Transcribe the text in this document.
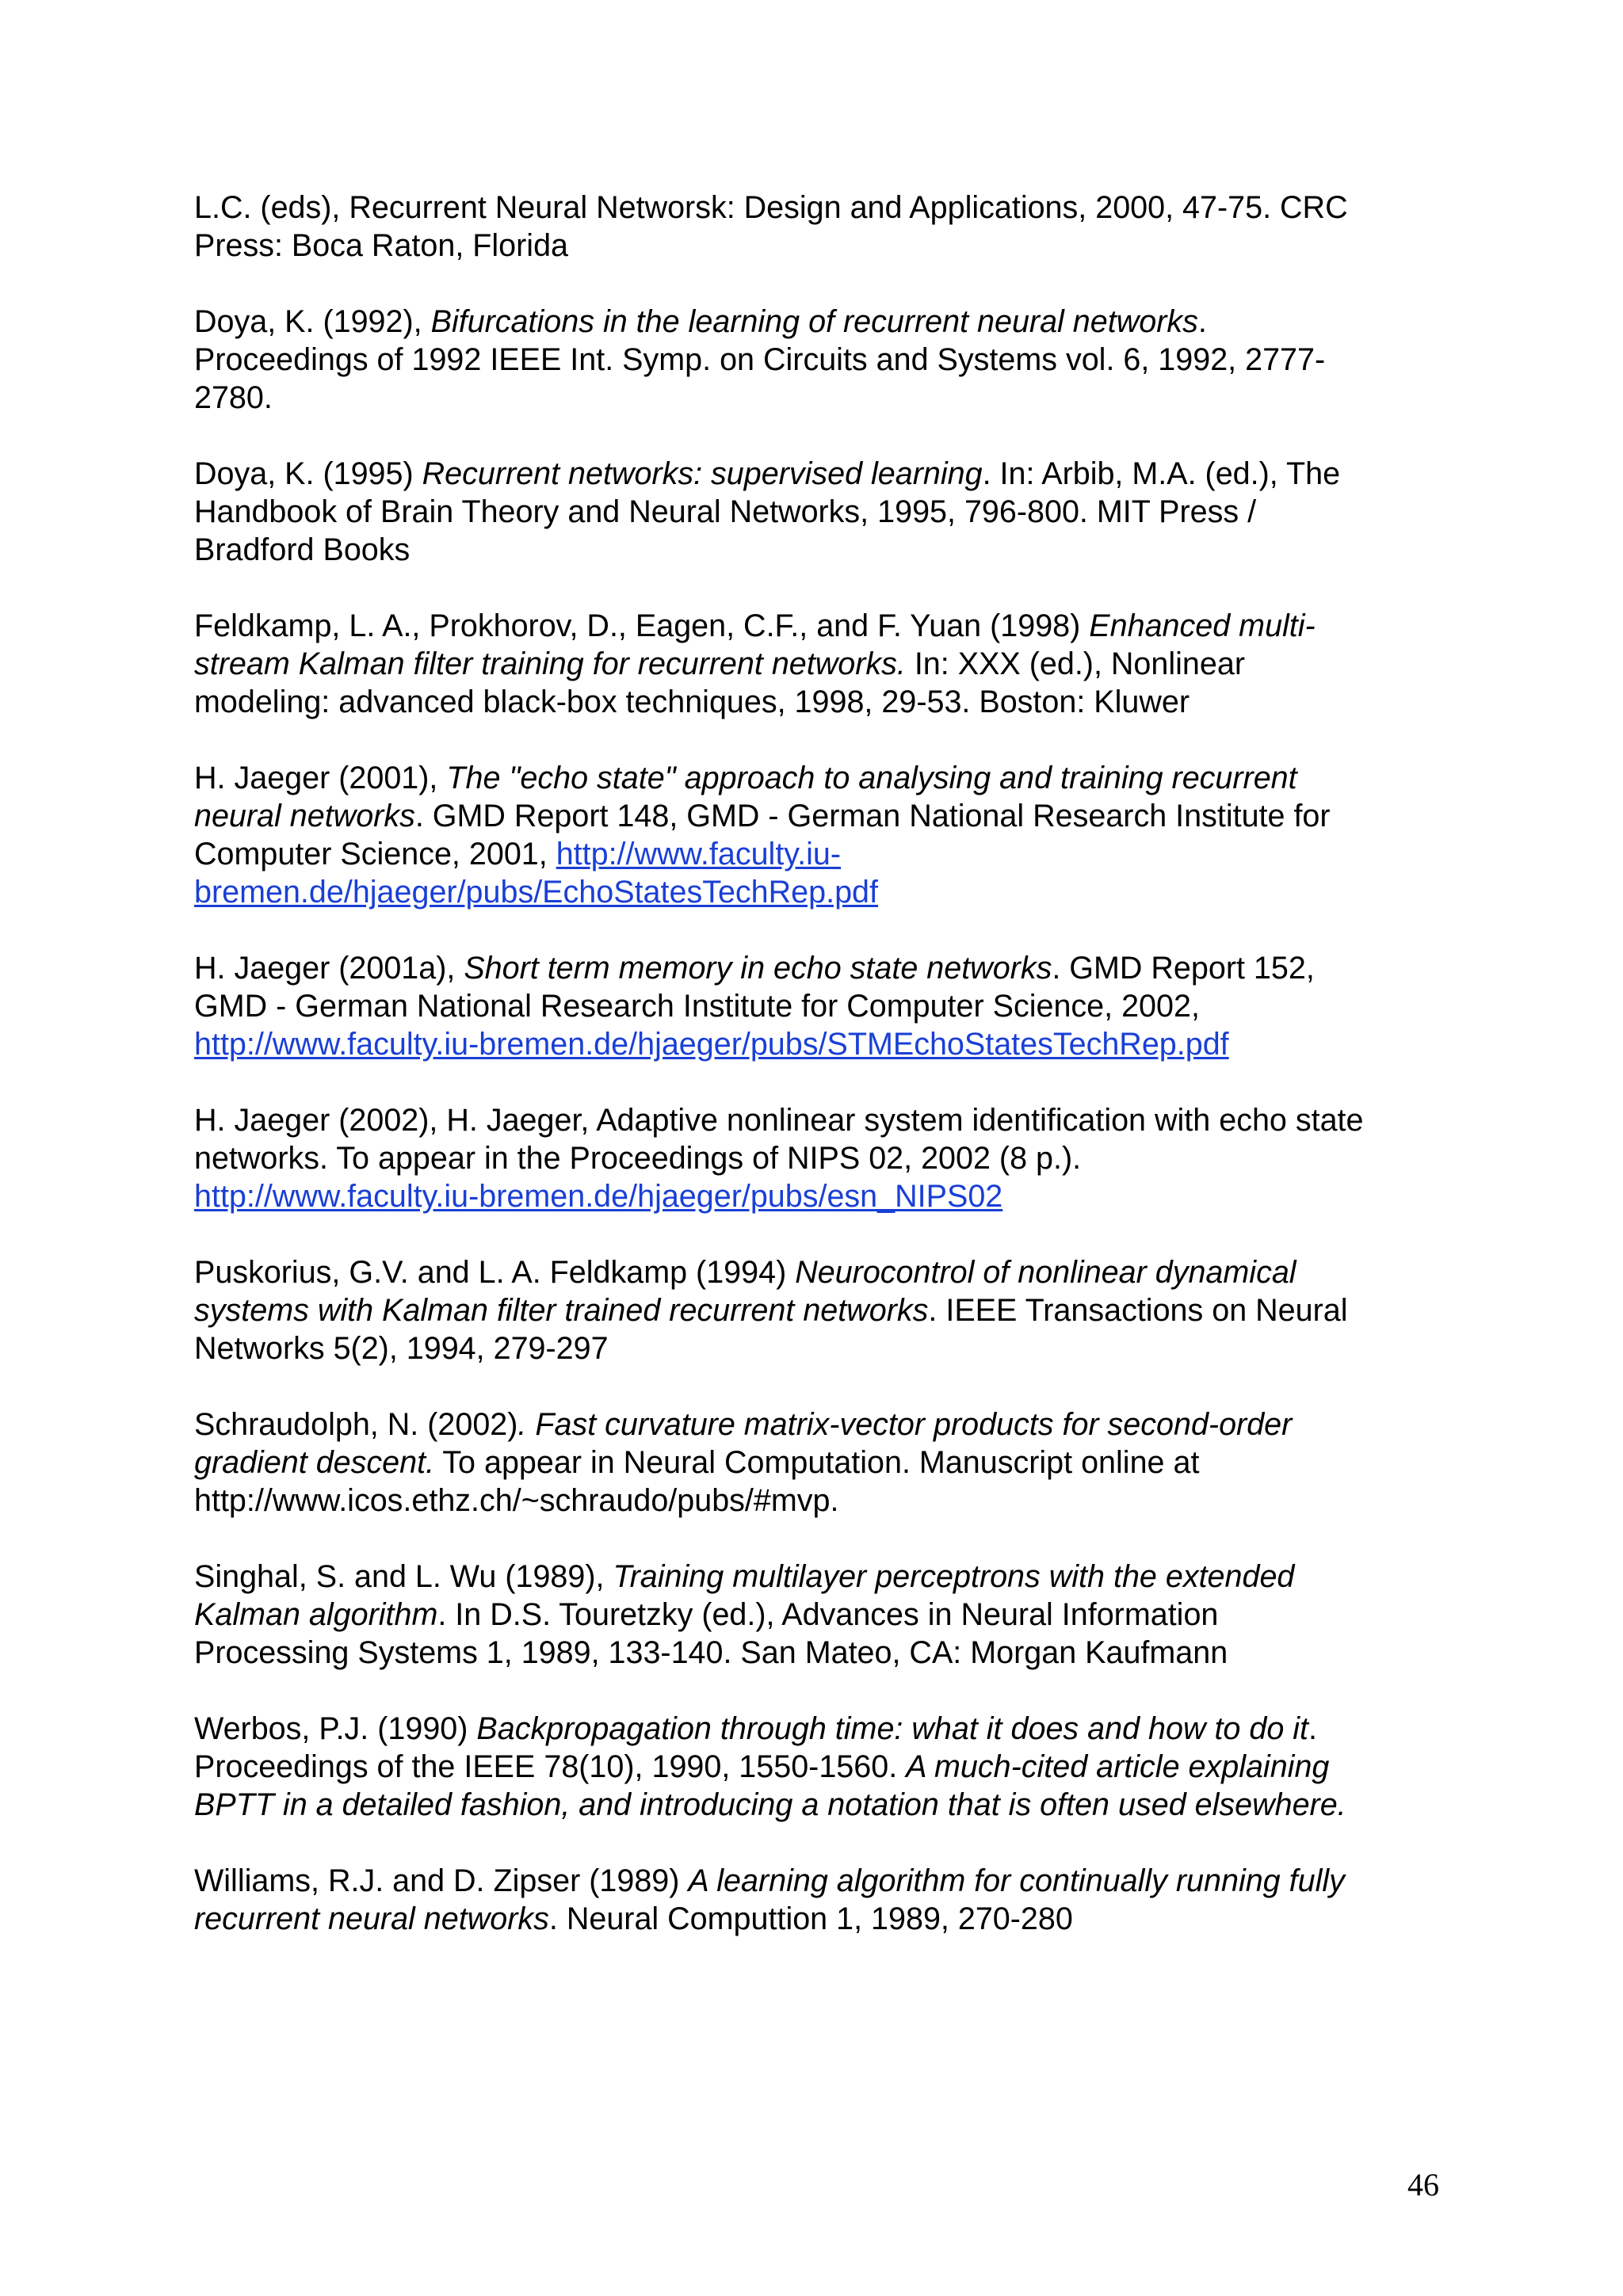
L.C. (eds), Recurrent Neural Networsk: Design and Applications, 2000, 47-75. CRC
Press: Boca Raton, Florida
Doya, K. (1992), Bifurcations in the learning of recurrent neural networks.
Proceedings of 1992 IEEE Int. Symp. on Circuits and Systems vol. 6, 1992, 2777-
2780.
Doya, K. (1995) Recurrent networks: supervised learning. In: Arbib, M.A. (ed.), The
Handbook of Brain Theory and Neural Networks, 1995, 796-800. MIT Press /
Bradford Books
Feldkamp, L. A., Prokhorov, D., Eagen, C.F., and F. Yuan (1998) Enhanced multi-
stream Kalman filter training for recurrent networks. In: XXX (ed.), Nonlinear
modeling: advanced black-box techniques, 1998, 29-53. Boston: Kluwer
H. Jaeger (2001), The "echo state" approach to analysing and training recurrent
neural networks. GMD Report 148, GMD - German National Research Institute for
Computer Science, 2001, http://www.faculty.iu-
bremen.de/hjaeger/pubs/EchoStatesTechRep.pdf
H. Jaeger (2001a), Short term memory in echo state networks. GMD Report 152,
GMD - German National Research Institute for Computer Science, 2002,
http://www.faculty.iu-bremen.de/hjaeger/pubs/STMEchoStatesTechRep.pdf
H. Jaeger (2002), H. Jaeger, Adaptive nonlinear system identification with echo state
networks. To appear in the Proceedings of NIPS 02, 2002 (8 p.).
http://www.faculty.iu-bremen.de/hjaeger/pubs/esn_NIPS02
Puskorius, G.V. and L. A. Feldkamp (1994) Neurocontrol of nonlinear dynamical
systems with Kalman filter trained recurrent networks. IEEE Transactions on Neural
Networks 5(2), 1994, 279-297
Schraudolph, N. (2002). Fast curvature matrix-vector products for second-order
gradient descent. To appear in Neural Computation. Manuscript online at
http://www.icos.ethz.ch/~schraudo/pubs/#mvp.
Singhal, S. and L. Wu (1989), Training multilayer perceptrons with the extended
Kalman algorithm. In D.S. Touretzky (ed.), Advances in Neural Information
Processing Systems 1, 1989, 133-140. San Mateo, CA: Morgan Kaufmann
Werbos, P.J. (1990) Backpropagation through time: what it does and how to do it.
Proceedings of the IEEE 78(10), 1990, 1550-1560. A much-cited article explaining
BPTT in a detailed fashion, and introducing a notation that is often used elsewhere.
Williams, R.J. and D. Zipser (1989) A learning algorithm for continually running fully
recurrent neural networks. Neural Computtion 1, 1989, 270-280
46
